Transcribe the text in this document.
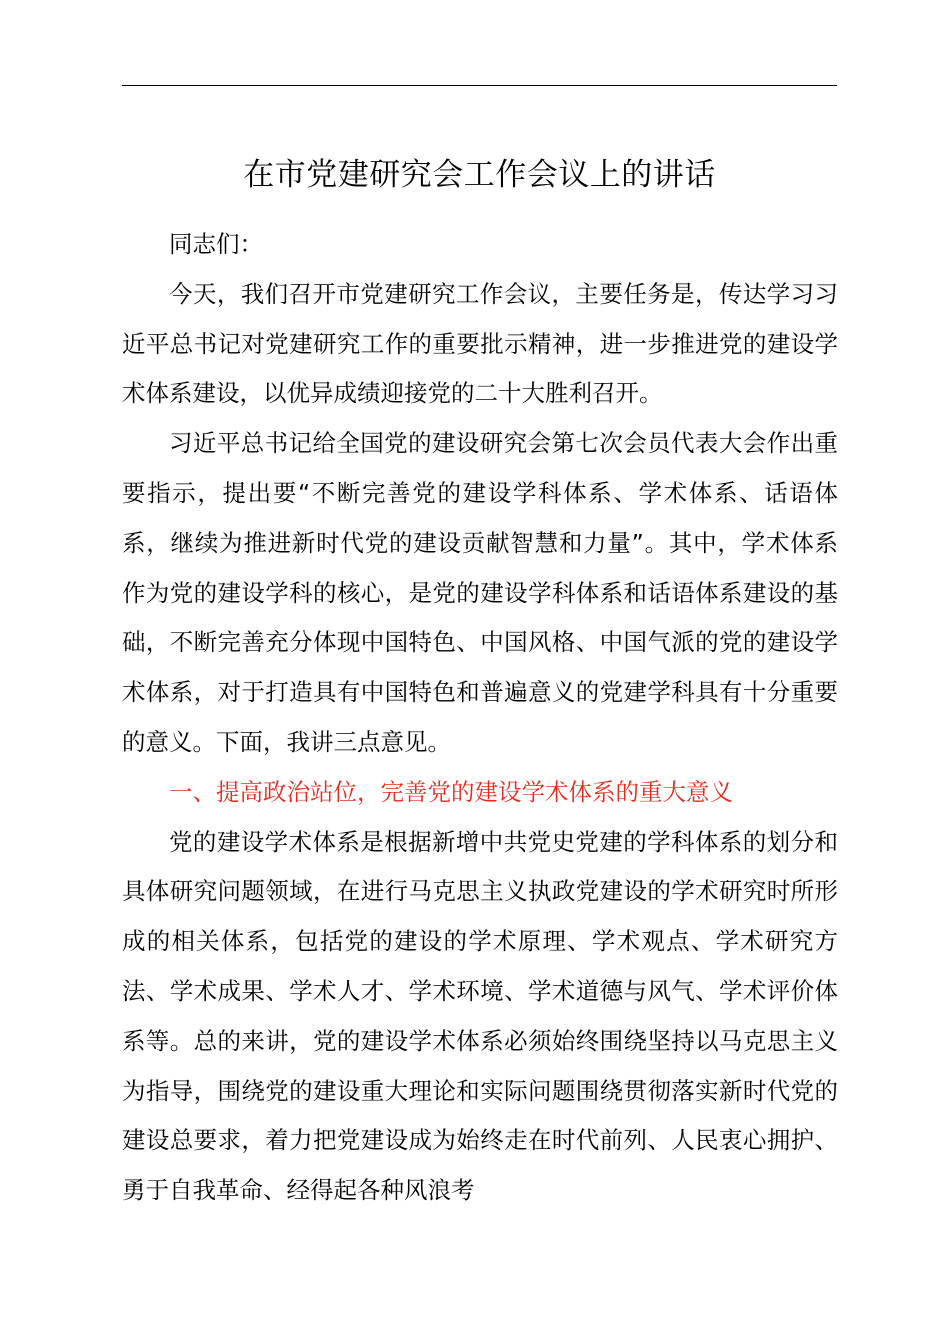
在市党建研究会工作会议上的讲话

同志们：

今天，我们召开市党建研究工作会议，主要任务是，传达学习习近平总书记对党建研究工作的重要批示精神，进一步推进党的建设学术体系建设，以优异成绩迎接党的二十大胜利召开。

习近平总书记给全国党的建设研究会第七次会员代表大会作出重要指示，提出要“不断完善党的建设学科体系、学术体系、话语体系，继续为推进新时代党的建设贡献智慧和力量”。其中，学术体系作为党的建设学科的核心，是党的建设学科体系和话语体系建设的基础，不断完善充分体现中国特色、中国风格、中国气派的党的建设学术体系，对于打造具有中国特色和普遍意义的党建学科具有十分重要的意义。下面，我讲三点意见。

一、提高政治站位，完善党的建设学术体系的重大意义

党的建设学术体系是根据新增中共党史党建的学科体系的划分和具体研究问题领域，在进行马克思主义执政党建设的学术研究时所形成的相关体系，包括党的建设的学术原理、学术观点、学术研究方法、学术成果、学术人才、学术环境、学术道德与风气、学术评价体系等。总的来讲，党的建设学术体系必须始终围绕坚持以马克思主义为指导，围绕党的建设重大理论和实际问题围绕贯彻落实新时代党的建设总要求，着力把党建设成为始终走在时代前列、人民衷心拥护、勇于自我革命、经得起各种风浪考
